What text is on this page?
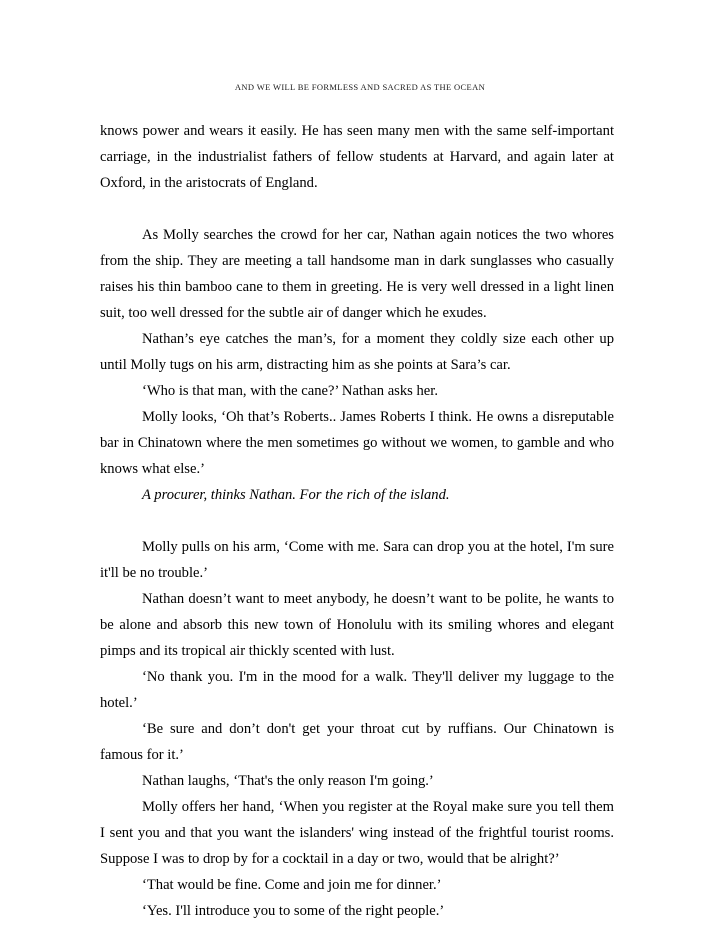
AND WE WILL BE FORMLESS AND SACRED AS THE OCEAN

knows power and wears it easily. He has seen many men with the same self-important carriage, in the industrialist fathers of fellow students at Harvard, and again later at Oxford, in the aristocrats of England.

As Molly searches the crowd for her car, Nathan again notices the two whores from the ship. They are meeting a tall handsome man in dark sunglasses who casually raises his thin bamboo cane to them in greeting. He is very well dressed in a light linen suit, too well dressed for the subtle air of danger which he exudes.

Nathan’s eye catches the man’s, for a moment they coldly size each other up until Molly tugs on his arm, distracting him as she points at Sara’s car.

‘Who is that man, with the cane?’ Nathan asks her.

Molly looks, ‘Oh that’s Roberts.. James Roberts I think. He owns a disreputable bar in Chinatown where the men sometimes go without we women, to gamble and who knows what else.’

A procurer, thinks Nathan. For the rich of the island.

Molly pulls on his arm, ‘Come with me. Sara can drop you at the hotel, I'm sure it'll be no trouble.’

Nathan doesn’t want to meet anybody, he doesn’t want to be polite, he wants to be alone and absorb this new town of Honolulu with its smiling whores and elegant pimps and its tropical air thickly scented with lust.

‘No thank you. I'm in the mood for a walk. They'll deliver my luggage to the hotel.’

‘Be sure and don’t don't get your throat cut by ruffians. Our Chinatown is famous for it.’

Nathan laughs, ‘That's the only reason I'm going.’

Molly offers her hand, ‘When you register at the Royal make sure you tell them I sent you and that you want the islanders' wing instead of the frightful tourist rooms. Suppose I was to drop by for a cocktail in a day or two, would that be alright?’

‘That would be fine. Come and join me for dinner.’

‘Yes. I'll introduce you to some of the right people.’
